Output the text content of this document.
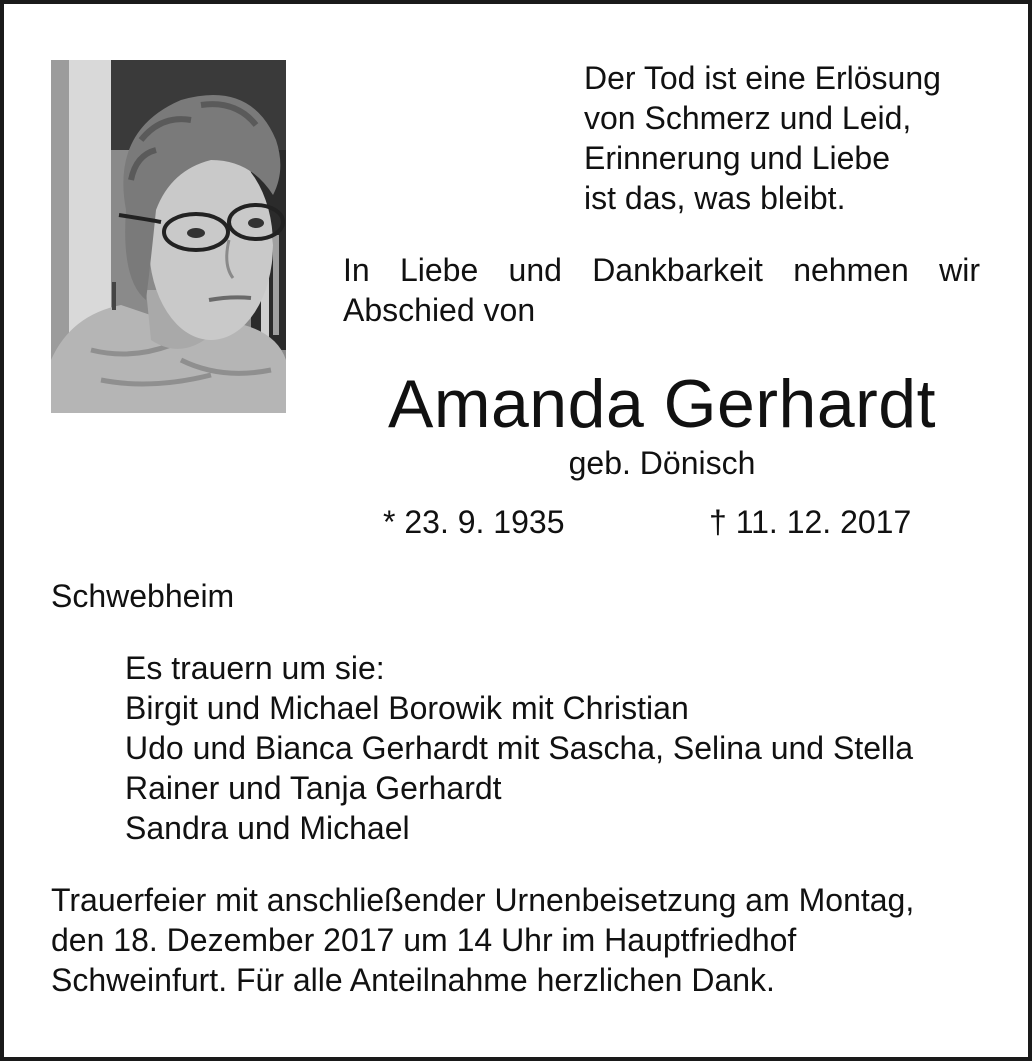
Der Tod ist eine Erlösung
von Schmerz und Leid,
Erinnerung und Liebe
ist das, was bleibt.
In Liebe und Dankbarkeit nehmen wir
Abschied von
Amanda Gerhardt
geb. Dönisch
* 23. 9. 1935	† 11. 12. 2017
Schwebheim
Es trauern um sie:
Birgit und Michael Borowik mit Christian
Udo und Bianca Gerhardt mit Sascha, Selina und Stella
Rainer und Tanja Gerhardt
Sandra und Michael
Trauerfeier mit anschließender Urnenbeisetzung am Montag,
den 18. Dezember 2017 um 14 Uhr im Hauptfriedhof
Schweinfurt. Für alle Anteilnahme herzlichen Dank.
